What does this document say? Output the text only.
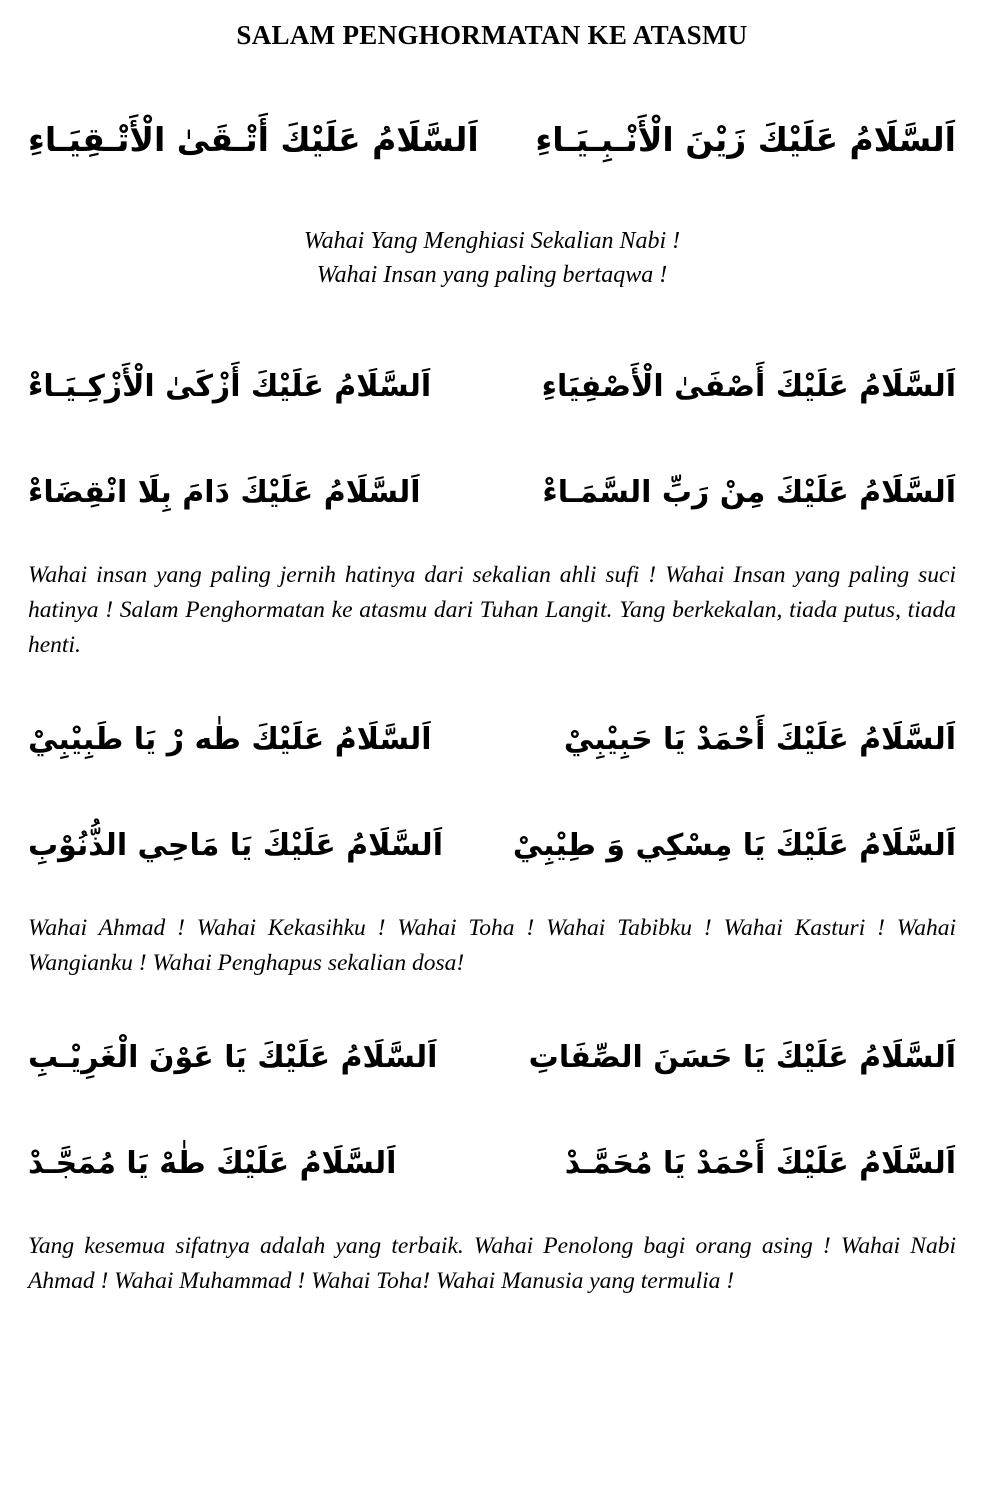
SALAM PENGHORMATAN KE ATASMU
اَلسَّلَامُ عَلَيْكَ زَيْنَ الْأَنْـبِـيَـاءِ
اَلسَّلَامُ عَلَيْكَ أَتْـقَىٰ الْأَتْـقِيَـاءِ
Wahai Yang Menghiasi Sekalian Nabi !
Wahai Insan yang paling bertaqwa !
اَلسَّلَامُ عَلَيْكَ أَصْفَىٰ الْأَصْفِيَاءِ
اَلسَّلَامُ عَلَيْكَ أَزْكَىٰ الْأَزْكِـيَـاءْ
اَلسَّلَامُ عَلَيْكَ مِنْ رَبِّ السَّمَـاءْ
اَلسَّلَامُ عَلَيْكَ دَامَ بِلَا انْقِضَاءْ

Wahai insan yang paling jernih hatinya dari sekalian ahli sufi ! Wahai Insan yang paling suci hatinya ! Salam Penghormatan ke atasmu dari Tuhan Langit. Yang berkekalan, tiada putus, tiada henti.

اَلسَّلَامُ عَلَيْكَ أَحْمَدْ يَا حَبِيْبِيْ
اَلسَّلَامُ عَلَيْكَ طٰه رْ يَا طَبِيْبِيْ
اَلسَّلَامُ عَلَيْكَ يَا مِسْكِي وَ طِيْبِيْ
اَلسَّلَامُ عَلَيْكَ يَا مَاحِي الذُّنُوْبِ

Wahai Ahmad ! Wahai Kekasihku ! Wahai Toha ! Wahai Tabibku ! Wahai Kasturi ! Wahai Wangianku ! Wahai Penghapus sekalian dosa!

اَلسَّلَامُ عَلَيْكَ يَا حَسَنَ الصِّفَاتِ
اَلسَّلَامُ عَلَيْكَ يَا عَوْنَ الْغَرِيْـبِ
اَلسَّلَامُ عَلَيْكَ أَحْمَدْ يَا مُحَمَّـدْ
اَلسَّلَامُ عَلَيْكَ طٰهْ يَا مُمَجَّـدْ

Yang kesemua sifatnya adalah yang terbaik. Wahai Penolong bagi orang asing ! Wahai Nabi Ahmad ! Wahai Muhammad ! Wahai Toha! Wahai Manusia yang termulia !
